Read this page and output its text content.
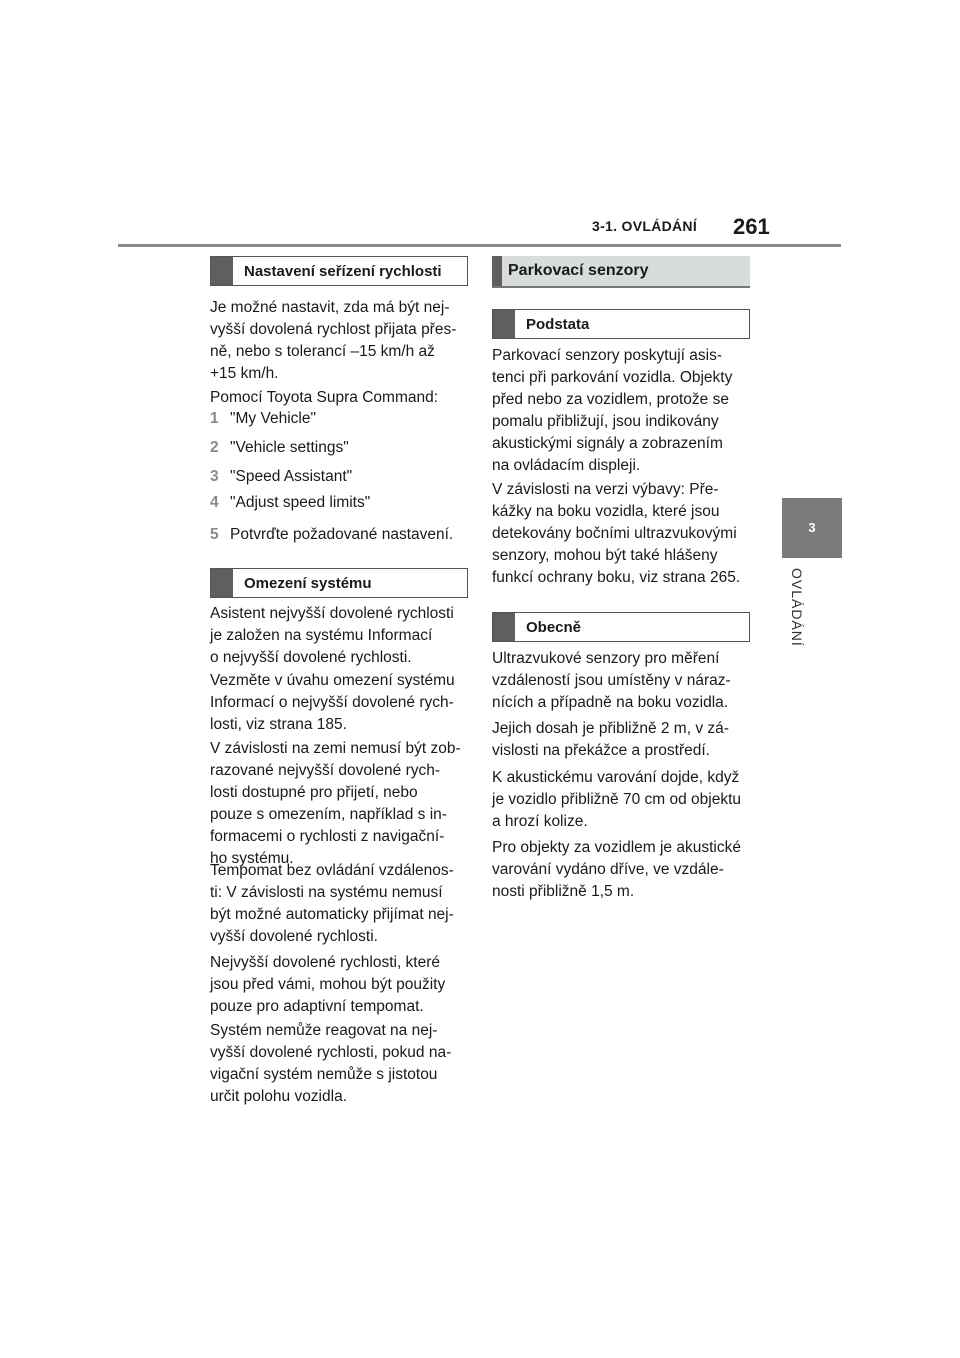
3-1. OVLÁDÁNÍ 261
3
OVLÁDÁNÍ
Nastavení seřízení rychlosti

Je možné nastavit, zda má být nej-
vyšší dovolená rychlost přijata přes-
ně, nebo s tolerancí –15 km/h až
+15 km/h.

Pomocí Toyota Supra Command:

1 "My Vehicle"
2 "Vehicle settings"
3 "Speed Assistant"
4 "Adjust speed limits"
5 Potvrďte požadované nastavení.
Omezení systému

Asistent nejvyšší dovolené rychlosti
je založen na systému Informací
o nejvyšší dovolené rychlosti.

Vezměte v úvahu omezení systému
Informací o nejvyšší dovolené rych-
losti, viz strana 185.

V závislosti na zemi nemusí být zob-
razované nejvyšší dovolené rych-
losti dostupné pro přijetí, nebo
pouze s omezením, například s in-
formacemi o rychlosti z navigační-
ho systému.

Tempomat bez ovládání vzdálenos-
ti: V závislosti na systému nemusí
být možné automaticky přijímat nej-
vyšší dovolené rychlosti.

Nejvyšší dovolené rychlosti, které
jsou před vámi, mohou být použity
pouze pro adaptivní tempomat.

Systém nemůže reagovat na nej-
vyšší dovolené rychlosti, pokud na-
vigační systém nemůže s jistotou
určit polohu vozidla.

Parkovací senzory
Podstata

Parkovací senzory poskytují asis-
tenci při parkování vozidla. Objekty
před nebo za vozidlem, protože se
pomalu přibližují, jsou indikovány
akustickými signály a zobrazením
na ovládacím displeji.

V závislosti na verzi výbavy: Pře-
kážky na boku vozidla, které jsou
detekovány bočními ultrazvukovými
senzory, mohou být také hlášeny
funkcí ochrany boku, viz strana 265.

Obecně

Ultrazvukové senzory pro měření
vzdáleností jsou umístěny v náraz-
nících a případně na boku vozidla.

Jejich dosah je přibližně 2 m, v zá-
vislosti na překážce a prostředí.

K akustickému varování dojde, když
je vozidlo přibližně 70 cm od objektu
a hrozí kolize.

Pro objekty za vozidlem je akustické
varování vydáno dříve, ve vzdále-
nosti přibližně 1,5 m.
